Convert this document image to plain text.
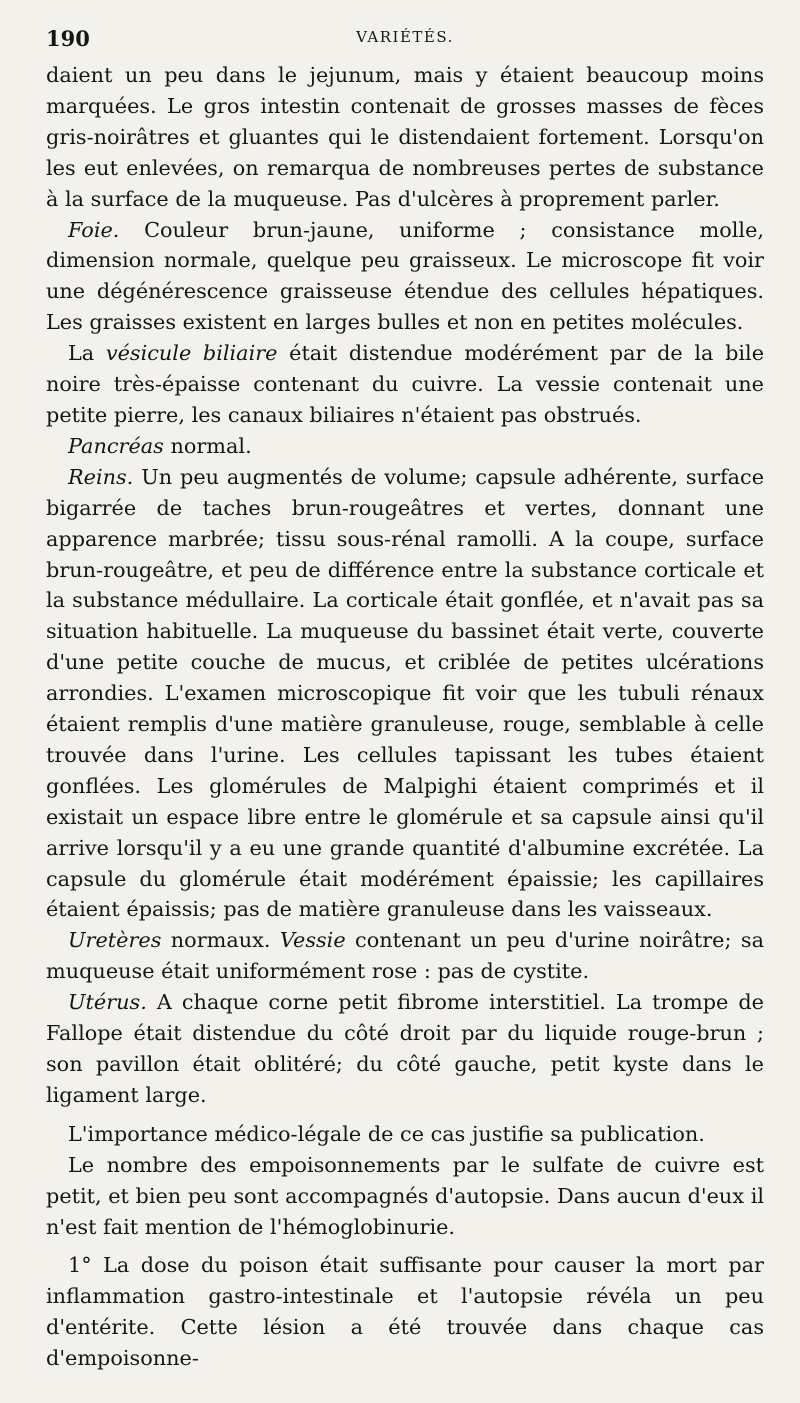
190	VARIÉTÉS.

daient un peu dans le jejunum, mais y étaient beaucoup moins marquées. Le gros intestin contenait de grosses masses de fèces gris-noirâtres et gluantes qui le distendaient fortement. Lorsqu'on les eut enlevées, on remarqua de nombreuses pertes de substance à la surface de la muqueuse. Pas d'ulcères à proprement parler.

Foie. Couleur brun-jaune, uniforme ; consistance molle, dimension normale, quelque peu graisseux. Le microscope fit voir une dégénérescence graisseuse étendue des cellules hépatiques. Les graisses existent en larges bulles et non en petites molécules.

La vésicule biliaire était distendue modérément par de la bile noire très-épaisse contenant du cuivre. La vessie contenait une petite pierre, les canaux biliaires n'étaient pas obstrués.

Pancréas normal.

Reins. Un peu augmentés de volume; capsule adhérente, surface bigarrée de taches brun-rougeâtres et vertes, donnant une apparence marbrée; tissu sous-rénal ramolli. A la coupe, surface brun-rougeâtre, et peu de différence entre la substance corticale et la substance médullaire. La corticale était gonflée, et n'avait pas sa situation habituelle. La muqueuse du bassinet était verte, couverte d'une petite couche de mucus, et criblée de petites ulcérations arrondies. L'examen microscopique fit voir que les tubuli rénaux étaient remplis d'une matière granuleuse, rouge, semblable à celle trouvée dans l'urine. Les cellules tapissant les tubes étaient gonflées. Les glomérules de Malpighi étaient comprimés et il existait un espace libre entre le glomérule et sa capsule ainsi qu'il arrive lorsqu'il y a eu une grande quantité d'albumine excrétée. La capsule du glomérule était modérément épaissie; les capillaires étaient épaissis; pas de matière granuleuse dans les vaisseaux.

Uretères normaux. Vessie contenant un peu d'urine noirâtre; sa muqueuse était uniformément rose : pas de cystite.

Utérus. A chaque corne petit fibrome interstitiel. La trompe de Fallope était distendue du côté droit par du liquide rouge-brun ; son pavillon était oblitéré; du côté gauche, petit kyste dans le ligament large.

L'importance médico-légale de ce cas justifie sa publication.

Le nombre des empoisonnements par le sulfate de cuivre est petit, et bien peu sont accompagnés d'autopsie. Dans aucun d'eux il n'est fait mention de l'hémoglobinurie.

1° La dose du poison était suffisante pour causer la mort par inflammation gastro-intestinale et l'autopsie révéla un peu d'entérite. Cette lésion a été trouvée dans chaque cas d'empoisonne-
